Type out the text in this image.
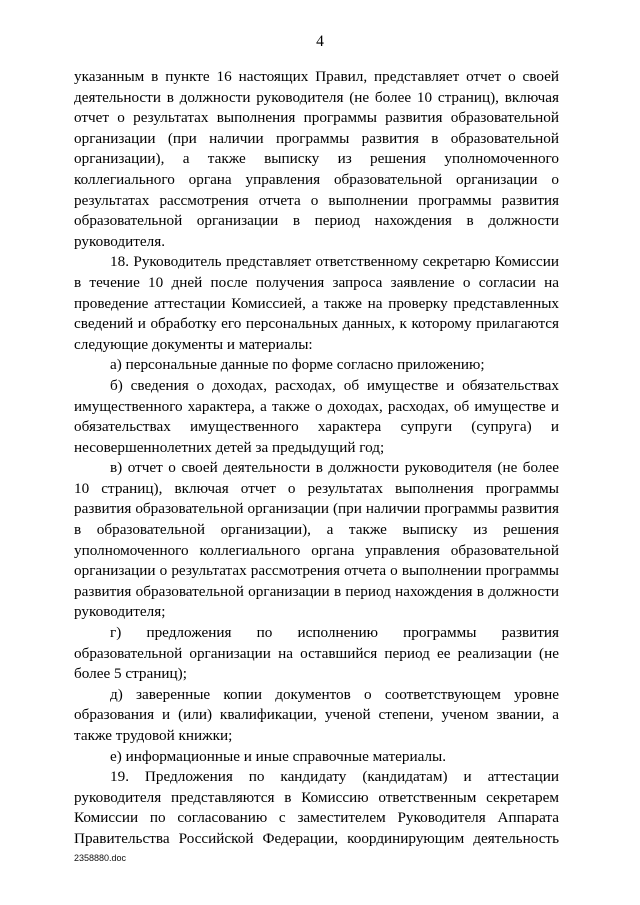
4

указанным в пункте 16 настоящих Правил, представляет отчет о своей деятельности в должности руководителя (не более 10 страниц), включая отчет о результатах выполнения программы развития образовательной организации (при наличии программы развития в образовательной организации), а также выписку из решения уполномоченного коллегиального органа управления образовательной организации о результатах рассмотрения отчета о выполнении программы развития образовательной организации в период нахождения в должности руководителя.

18. Руководитель представляет ответственному секретарю Комиссии в течение 10 дней после получения запроса заявление о согласии на проведение аттестации Комиссией, а также на проверку представленных сведений и обработку его персональных данных, к которому прилагаются следующие документы и материалы:

а) персональные данные по форме согласно приложению;

б) сведения о доходах, расходах, об имуществе и обязательствах имущественного характера, а также о доходах, расходах, об имуществе и обязательствах имущественного характера супруги (супруга) и несовершеннолетних детей за предыдущий год;

в) отчет о своей деятельности в должности руководителя (не более 10 страниц), включая отчет о результатах выполнения программы развития образовательной организации (при наличии программы развития в образовательной организации), а также выписку из решения уполномоченного коллегиального органа управления образовательной организации о результатах рассмотрения отчета о выполнении программы развития образовательной организации в период нахождения в должности руководителя;

г) предложения по исполнению программы развития образовательной организации на оставшийся период ее реализации (не более 5 страниц);

д) заверенные копии документов о соответствующем уровне образования и (или) квалификации, ученой степени, ученом звании, а также трудовой книжки;

е) информационные и иные справочные материалы.

19. Предложения по кандидату (кандидатам) и аттестации руководителя представляются в Комиссию ответственным секретарем Комиссии по согласованию с заместителем Руководителя Аппарата Правительства Российской Федерации, координирующим деятельность

2358880.doc
